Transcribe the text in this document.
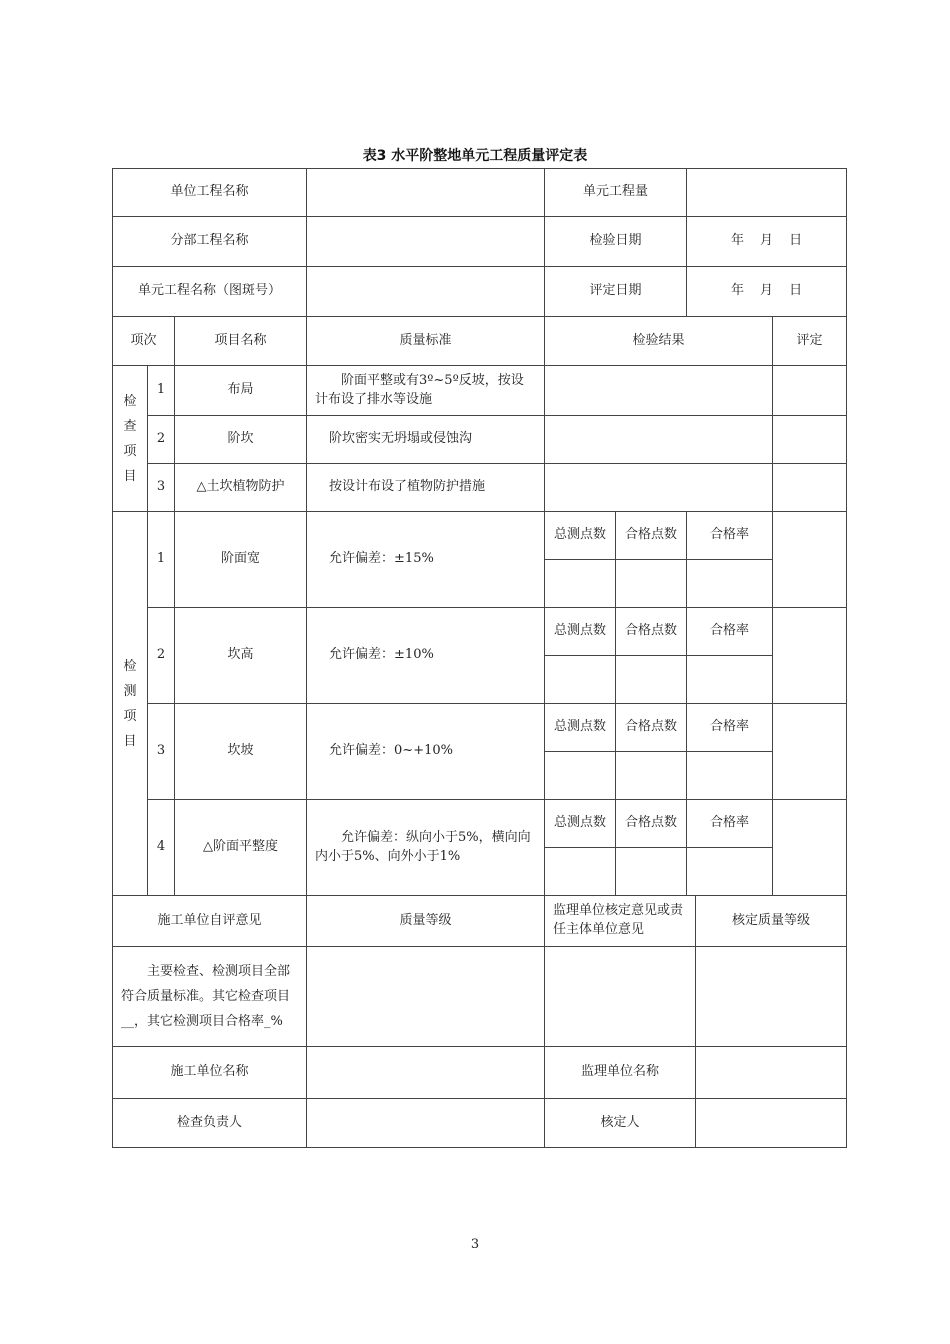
表3 水平阶整地单元工程质量评定表
单位工程名称				单元工程量				
分部工程名称				检验日期		年 月 日		
单元工程名称（图斑号）				评定日期		年 月 日		
项次		项目名称	质量标准	检验结果				评定

检
查
项
目	1	布局	阶面平整或有3º~5º反坡，按设计布设了排水等设施					
	2	阶坎	阶坎密实无坍塌或侵蚀沟					
	3	△土坎植物防护	按设计布设了植物防护措施					

检
测
项
目	1	阶面宽	允许偏差：±15%	总测点数	合格点数	合格率		

	2	坎高	允许偏差：±10%	总测点数	合格点数	合格率		

	3	坎坡	允许偏差：0~+10%	总测点数	合格点数	合格率		

	4	△阶面平整度	允许偏差：纵向小于5%，横向向内小于5%、向外小于1%	总测点数	合格点数	合格率		

施工单位自评意见			质量等级	监理单位核定意见或责任主体单位意见			核定质量等级	
主要检查、检测项目全部符合质量标准。其它检查项目__，其它检测项目合格率_%								
施工单位名称				监理单位名称				
检查负责人				核定人				
3
